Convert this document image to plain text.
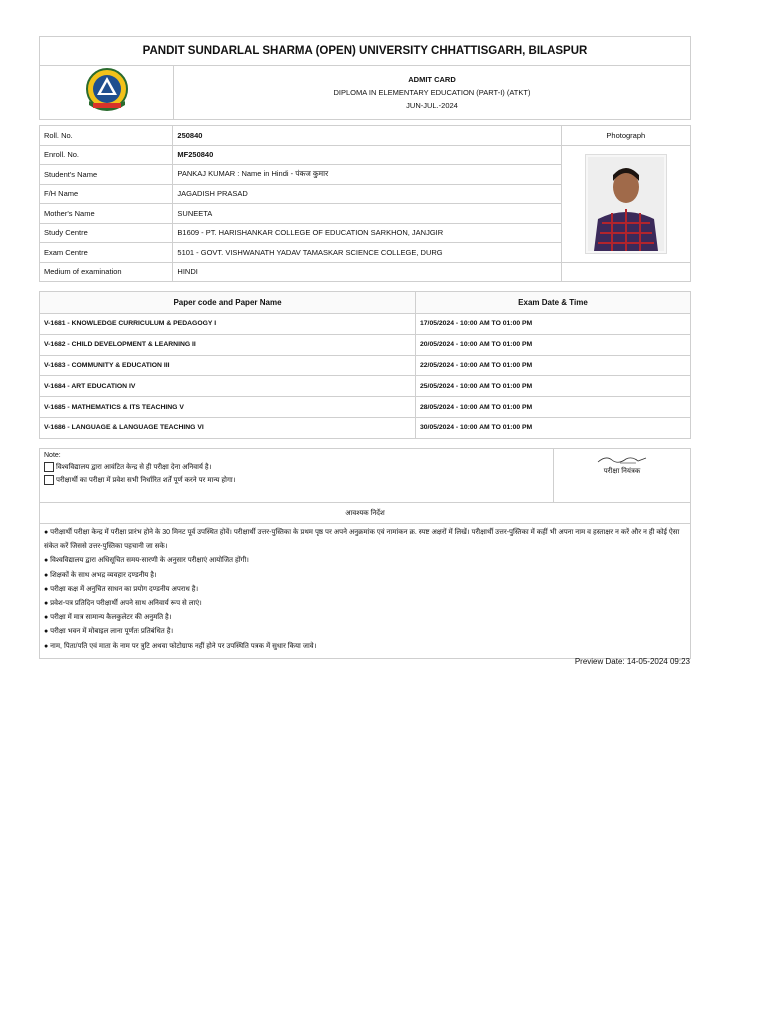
PANDIT SUNDARLAL SHARMA (OPEN) UNIVERSITY CHHATTISGARH, BILASPUR

ADMIT CARD
DIPLOMA IN ELEMENTARY EDUCATION (PART-I) (ATKT)
JUN-JUL.-2024
Roll. No.	250840	Photograph
Enroll. No.	MF250840	
Student's Name	PANKAJ KUMAR : Name in Hindi - पंकज कुमार	
F/H Name	JAGADISH PRASAD	
Mother's Name	SUNEETA	
Study Centre	B1609 - PT. HARISHANKAR COLLEGE OF EDUCATION SARKHON, JANJGIR	
Exam Centre	5101 - GOVT. VISHWANATH YADAV TAMASKAR SCIENCE COLLEGE, DURG	
Medium of examination	HINDI	
Paper code and Paper Name	Exam Date & Time
V-1681 - KNOWLEDGE CURRICULUM & PEDAGOGY I	17/05/2024 - 10:00 AM TO 01:00 PM
V-1682 - CHILD DEVELOPMENT & LEARNING II	20/05/2024 - 10:00 AM TO 01:00 PM
V-1683 - COMMUNITY & EDUCATION III	22/05/2024 - 10:00 AM TO 01:00 PM
V-1684 - ART EDUCATION IV	25/05/2024 - 10:00 AM TO 01:00 PM
V-1685 - MATHEMATICS & ITS TEACHING V	28/05/2024 - 10:00 AM TO 01:00 PM
V-1686 - LANGUAGE & LANGUAGE TEACHING VI	30/05/2024 - 10:00 AM TO 01:00 PM
Note:
विश्वविद्यालय द्वारा आवंटित केन्द्र से ही परीक्षा देना अनिवार्य है।
परीक्षार्थी का परीक्षा में प्रवेश सभी निर्धारित शर्तें पूर्ण करने पर मान्य होगा।

परीक्षा नियंत्रक

आवश्यक निर्देश

● परीक्षार्थी परीक्षा केन्द्र में परीक्षा प्रारंभ होने के 30 मिनट पूर्व उपस्थित होवें। परीक्षार्थी उत्तर-पुस्तिका के प्रथम पृष्ठ पर अपने अनुक्रमांक एवं नामांकन क्र. स्पष्ट अक्षरों में लिखें। परीक्षार्थी उत्तर-पुस्तिका में कहीं भी अपना नाम व हस्ताक्षर न करें और न ही कोई ऐसा संकेत करें जिससे उत्तर-पुस्तिका पहचानी जा सके।
● विश्वविद्यालय द्वारा अधिसूचित समय-सारणी के अनुसार परीक्षाएं आयोजित होंगी।
● शिक्षकों के साथ अभद्र व्यवहार दण्डनीय है।
● परीक्षा कक्ष में अनुचित साधन का प्रयोग दण्डनीय अपराध है।
● प्रवेश-पत्र प्रतिदिन परीक्षार्थी अपने साथ अनिवार्य रूप से लाएं।
● परीक्षा में मात्र सामान्य कैलकुलेटर की अनुमति है।
● परीक्षा भवन में मोबाइल लाना पूर्णतः प्रतिबंधित है।
● नाम, पिता/पति एवं माता के नाम पर त्रुटि अथवा फोटोग्राफ नहीं होने पर उपस्थिति पत्रक में सुधार किया जावे।
Preview Date: 14-05-2024 09:23
